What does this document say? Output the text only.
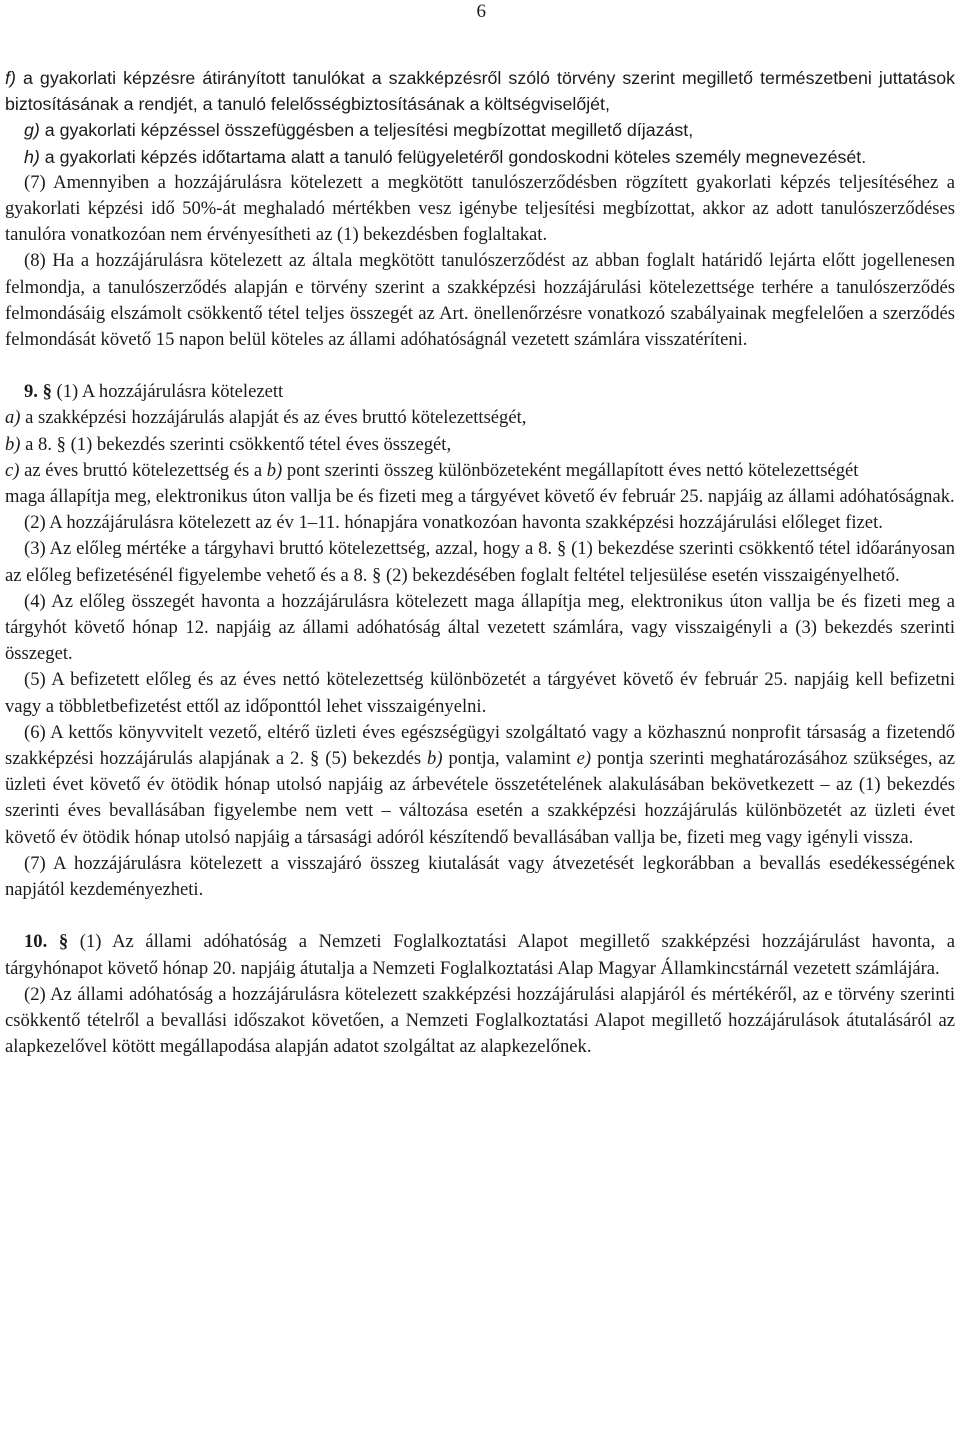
6

f) a gyakorlati képzésre átirányított tanulókat a szakképzésről szóló törvény szerint megillető természetbeni juttatások biztosításának a rendjét, a tanuló felelősségbiztosításának a költségviselőjét,

g) a gyakorlati képzéssel összefüggésben a teljesítési megbízottat megillető díjazást,

h) a gyakorlati képzés időtartama alatt a tanuló felügyeletéről gondoskodni köteles személy megnevezését.

(7) Amennyiben a hozzájárulásra kötelezett a megkötött tanulószerződésben rögzített gyakorlati képzés teljesítéséhez a gyakorlati képzési idő 50%-át meghaladó mértékben vesz igénybe teljesítési megbízottat, akkor az adott tanulószerződéses tanulóra vonatkozóan nem érvényesítheti az (1) bekezdésben foglaltakat.

(8) Ha a hozzájárulásra kötelezett az általa megkötött tanulószerződést az abban foglalt határidő lejárta előtt jogellenesen felmondja, a tanulószerződés alapján e törvény szerint a szakképzési hozzájárulási kötelezettsége terhére a tanulószerződés felmondásáig elszámolt csökkentő tétel teljes összegét az Art. önellenőrzésre vonatkozó szabályainak megfelelően a szerződés felmondását követő 15 napon belül köteles az állami adóhatóságnál vezetett számlára visszatéríteni.

9. § (1) A hozzájárulásra kötelezett

a) a szakképzési hozzájárulás alapját és az éves bruttó kötelezettségét,

b) a 8. § (1) bekezdés szerinti csökkentő tétel éves összegét,

c) az éves bruttó kötelezettség és a b) pont szerinti összeg különbözeteként megállapított éves nettó kötelezettségét

maga állapítja meg, elektronikus úton vallja be és fizeti meg a tárgyévet követő év február 25. napjáig az állami adóhatóságnak.

(2) A hozzájárulásra kötelezett az év 1–11. hónapjára vonatkozóan havonta szakképzési hozzájárulási előleget fizet.

(3) Az előleg mértéke a tárgyhavi bruttó kötelezettség, azzal, hogy a 8. § (1) bekezdése szerinti csökkentő tétel időarányosan az előleg befizetésénél figyelembe vehető és a 8. § (2) bekezdésében foglalt feltétel teljesülése esetén visszaigényelhető.

(4) Az előleg összegét havonta a hozzájárulásra kötelezett maga állapítja meg, elektronikus úton vallja be és fizeti meg a tárgyhót követő hónap 12. napjáig az állami adóhatóság által vezetett számlára, vagy visszaigényli a (3) bekezdés szerinti összeget.

(5) A befizetett előleg és az éves nettó kötelezettség különbözetét a tárgyévet követő év február 25. napjáig kell befizetni vagy a többletbefizetést ettől az időponttól lehet visszaigényelni.

(6) A kettős könyvvitelt vezető, eltérő üzleti éves egészségügyi szolgáltató vagy a közhasznú nonprofit társaság a fizetendő szakképzési hozzájárulás alapjának a 2. § (5) bekezdés b) pontja, valamint e) pontja szerinti meghatározásához szükséges, az üzleti évet követő év ötödik hónap utolsó napjáig az árbevétele összetételének alakulásában bekövetkezett – az (1) bekezdés szerinti éves bevallásában figyelembe nem vett – változása esetén a szakképzési hozzájárulás különbözetét az üzleti évet követő év ötödik hónap utolsó napjáig a társasági adóról készítendő bevallásában vallja be, fizeti meg vagy igényli vissza.

(7) A hozzájárulásra kötelezett a visszajáró összeg kiutalását vagy átvezetését legkorábban a bevallás esedékességének napjától kezdeményezheti.

10. § (1) Az állami adóhatóság a Nemzeti Foglalkoztatási Alapot megillető szakképzési hozzájárulást havonta, a tárgyhónapot követő hónap 20. napjáig átutalja a Nemzeti Foglalkoztatási Alap Magyar Államkincstárnál vezetett számlájára.

(2) Az állami adóhatóság a hozzájárulásra kötelezett szakképzési hozzájárulási alapjáról és mértékéről, az e törvény szerinti csökkentő tételről a bevallási időszakot követően, a Nemzeti Foglalkoztatási Alapot megillető hozzájárulások átutalásáról az alapkezelővel kötött megállapodása alapján adatot szolgáltat az alapkezelőnek.
